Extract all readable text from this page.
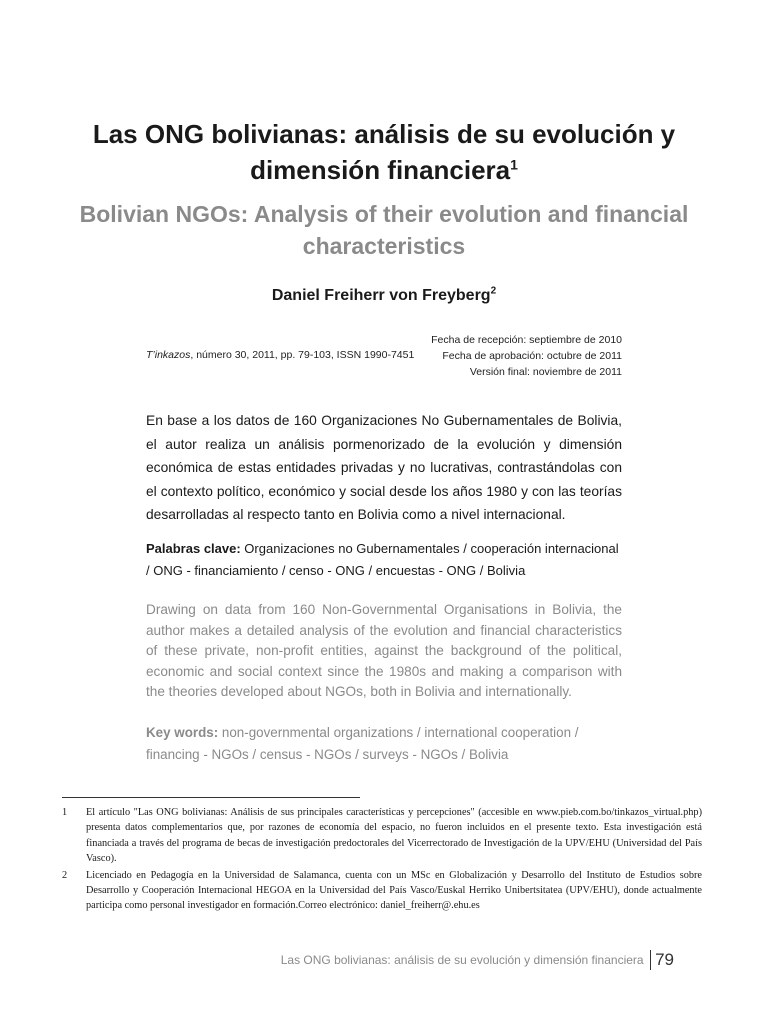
Las ONG bolivianas: análisis de su evolución y dimensión financiera$^1$
Bolivian NGOs: Analysis of their evolution and financial characteristics
Daniel Freiherr von Freyberg$^2$
T’inkazos, número 30, 2011, pp. 79-103, ISSN 1990-7451
Fecha de recepción: septiembre de 2010
Fecha de aprobación: octubre de 2011
Versión final: noviembre de 2011

En base a los datos de 160 Organizaciones No Gubernamentales de Bolivia, el autor realiza un análisis pormenorizado de la evolución y dimensión económica de estas entidades privadas y no lucrativas, contrastándolas con el contexto político, económico y social desde los años 1980 y con las teorías desarrolladas al respecto tanto en Bolivia como a nivel internacional.

Palabras clave: Organizaciones no Gubernamentales / cooperación internacional / ONG - financiamiento / censo - ONG / encuestas - ONG / Bolivia

Drawing on data from 160 Non-Governmental Organisations in Bolivia, the author makes a detailed analysis of the evolution and financial characteristics of these private, non-profit entities, against the background of the political, economic and social context since the 1980s and making a comparison with the theories developed about NGOs, both in Bolivia and internationally.

Key words: non-governmental organizations / international cooperation / financing - NGOs / census - NGOs / surveys - NGOs / Bolivia

1	El artículo "Las ONG bolivianas: Análisis de sus principales características y percepciones" (accesible en www.pieb.com.bo/tinkazos_virtual.php) presenta datos complementarios que, por razones de economía del espacio, no fueron incluidos en el presente texto. Esta investigación está financiada a través del programa de becas de investigación predoctorales del Vicerrectorado de Investigación de la UPV/EHU (Universidad del País Vasco).
2	Licenciado en Pedagogía en la Universidad de Salamanca, cuenta con un MSc en Globalización y Desarrollo del Instituto de Estudios sobre Desarrollo y Cooperación Internacional HEGOA en la Universidad del País Vasco/Euskal Herriko Unibertsitatea (UPV/EHU), donde actualmente participa como personal investigador en formación.Correo electrónico: daniel_freiherr@.ehu.es
Las ONG bolivianas: análisis de su evolución y dimensión financiera 79
